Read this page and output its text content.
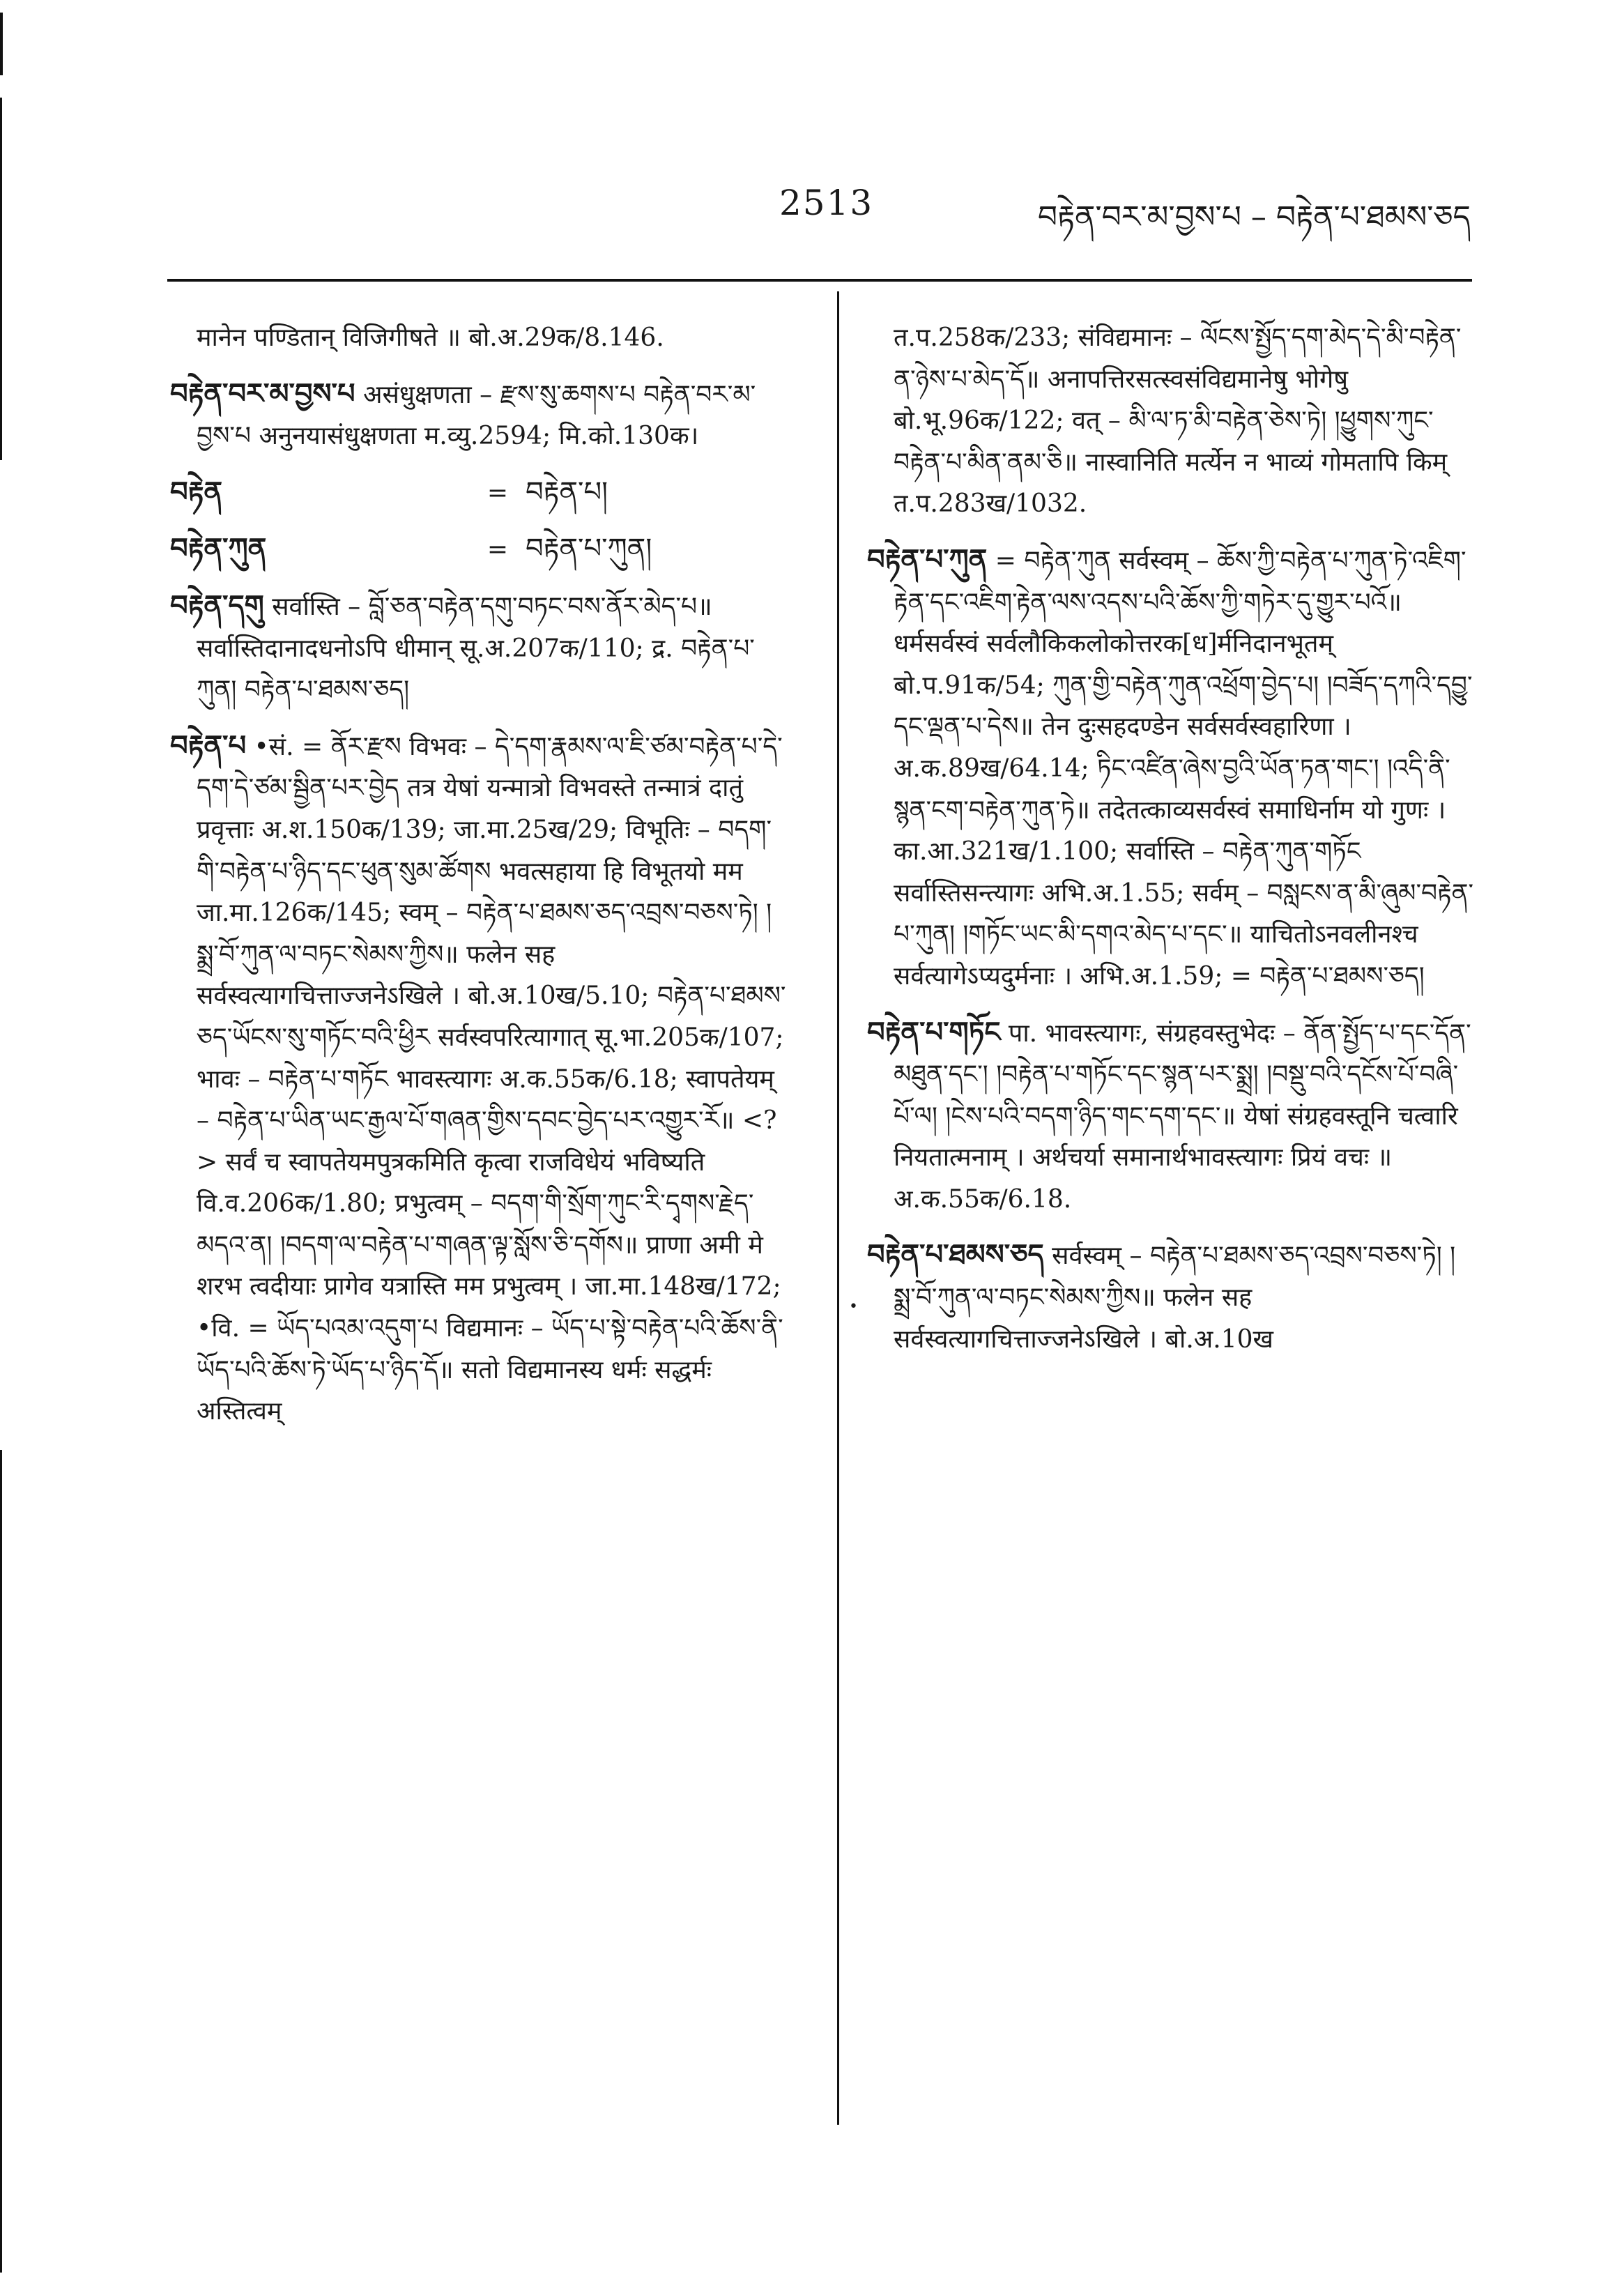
2513	བརྟེན་བར་མ་བྱས་པ – བརྟེན་པ་ཐམས་ཅད
•
मानेन पण्डितान् विजिगीषते ॥ बो.अ.29क/8.146.
བརྟེན་བར་མ་བྱས་པ असंधुक्षणता – རྫས་སུ་ཆགས་པ བརྟེན་བར་མ་བྱས་པ अनुनयासंधुक्षणता म.व्यु.2594; मि.को.130क।
བརྟེན	= བརྟེན་པ།
བརྟེན་ཀུན	= བརྟེན་པ་ཀུན།
བརྟེན་དགུ सर्वास्ति – བློ་ཅན་བརྟེན་དགུ་བཏང་བས་ནོར་མེད་པ॥ सर्वास्तिदानादधनोऽपि धीमान् सू.अ.207क/110; द्र. བརྟེན་པ་ཀུན། བརྟེན་པ་ཐམས་ཅད།
བརྟེན་པ •सं. = ནོར་རྫས विभवः – དེ་དག་རྣམས་ལ་ཇི་ཙམ་བརྟེན་པ་དེ་དག་དེ་ཙམ་སྦྱིན་པར་བྱེད तत्र येषां यन्मात्रो विभवस्ते तन्मात्रं दातुं प्रवृत्ताः अ.श.150क/139; जा.मा.25ख/29; विभूतिः – བདག་གི་བརྟེན་པ་ཉིད་དང་ཕུན་སུམ་ཚོགས भवत्सहाया हि विभूतयो मम जा.मा.126क/145; स्वम् – བརྟེན་པ་ཐམས་ཅད་འབྲས་བཅས་ཏེ། །སྨྲ་བོ་ཀུན་ལ་བཏང་སེམས་ཀྱིས॥ फलेन सह सर्वस्वत्यागचित्ताज्जनेऽखिले । बो.अ.10ख/5.10; བརྟེན་པ་ཐམས་ཅད་ཡོངས་སུ་གཏོང་བའི་ཕྱིར सर्वस्वपरित्यागात् सू.भा.205क/107; भावः – བརྟེན་པ་གཏོང भावस्त्यागः अ.क.55क/6.18; स्वापतेयम् – བརྟེན་པ་ཡིན་ཡང་རྒྱལ་པོ་གཞན་གྱིས་དབང་བྱེད་པར་འགྱུར་རོ॥ <?> सर्वं च स्वापतेयमपुत्रकमिति कृत्वा राजविधेयं भविष्यति वि.व.206क/1.80; प्रभुत्वम् – བདག་གི་སྲོག་ཀུང་རི་དྭགས་རྗེད་མདའ་ན། །བདག་ལ་བརྟེན་པ་གཞན་ལྟ་སློས་ཅི་དགོས॥ प्राणा अमी मे शरभ त्वदीयाः प्रागेव यत्रास्ति मम प्रभुत्वम् । जा.मा.148ख/172; •वि. = ཡོད་པའམ་འདུག་པ विद्यमानः – ཡོད་པ་སྟེ་བརྟེན་པའི་ཆོས་ནི་ཡོད་པའི་ཆོས་ཏེ་ཡོད་པ་ཉིད་དོ॥ सतो विद्यमानस्य धर्मः सद्धर्मः अस्तित्वम्
त.प.258क/233; संविद्यमानः – ལོངས་སྤྱོད་དག་མེད་དེ་མི་བརྟེན་ན་ཉེས་པ་མེད་དོ॥ अनापत्तिरसत्स्वसंविद्यमानेषु भोगेषु बो.भू.96क/122; वत् – མི་ལ་ཏ་མི་བརྟེན་ཅེས་ཏེ། །ཕྱུགས་ཀུང་བརྟེན་པ་མིན་ནམ་ཅི॥ नास्वानिति मर्त्येन न भाव्यं गोमतापि किम् त.प.283ख/1032.
བརྟེན་པ་ཀུན = བརྟེན་ཀུན सर्वस्वम् – ཆོས་ཀྱི་བརྟེན་པ་ཀུན་ཏེ་འཇིག་རྟེན་དང་འཇིག་རྟེན་ལས་འདས་པའི་ཆོས་ཀྱི་གཏེར་དུ་གྱུར་པའོ॥ धर्मसर्वस्वं सर्वलौकिकलोकोत्तरक[ध]र्मनिदानभूतम् बो.प.91क/54; ཀུན་གྱི་བརྟེན་ཀུན་འཕྲོག་བྱེད་པ། །བཟོད་དཀའི་དབྱུ་དང་ལྡན་པ་དེས॥ तेन दुःसहदण्डेन सर्वसर्वस्वहारिणा । अ.क.89ख/64.14; ཏིང་འཛིན་ཞེས་བྱའི་ཡོན་ཏན་གང་། །འདི་ནི་སྙན་ངག་བརྟེན་ཀུན་ཏེ॥ तदेतत्काव्यसर्वस्वं समाधिर्नाम यो गुणः । का.आ.321ख/1.100; सर्वास्ति – བརྟེན་ཀུན་གཏོང सर्वास्तिसन्त्यागः अभि.अ.1.55; सर्वम् – བསླངས་ན་མི་ཞུམ་བརྟེན་པ་ཀུན། །གཏོང་ཡང་མི་དགའ་མེད་པ་དང་॥ याचितोऽनवलीनश्च सर्वत्यागेऽप्यदुर्मनाः । अभि.अ.1.59; = བརྟེན་པ་ཐམས་ཅད།
བརྟེན་པ་གཏོང पा. भावस्त्यागः, संग्रहवस्तुभेदः – ནོན་སྤྱོད་པ་དང་དོན་མཐུན་དང་། །བརྟེན་པ་གཏོང་དང་སྙན་པར་སྨྲ། །བསྡུ་བའི་དངོས་པོ་བཞི་པོ་ལ། །ངེས་པའི་བདག་ཉིད་གང་དག་དང་॥ येषां संग्रहवस्तूनि चत्वारि नियतात्मनाम् । अर्थचर्या समानार्थभावस्त्यागः प्रियं वचः ॥ अ.क.55क/6.18.
བརྟེན་པ་ཐམས་ཅད सर्वस्वम् – བརྟེན་པ་ཐམས་ཅད་འབྲས་བཅས་ཏེ། །སྨྲ་བོ་ཀུན་ལ་བཏང་སེམས་ཀྱིས॥ फलेन सह सर्वस्वत्यागचित्ताज्जनेऽखिले । बो.अ.10ख
